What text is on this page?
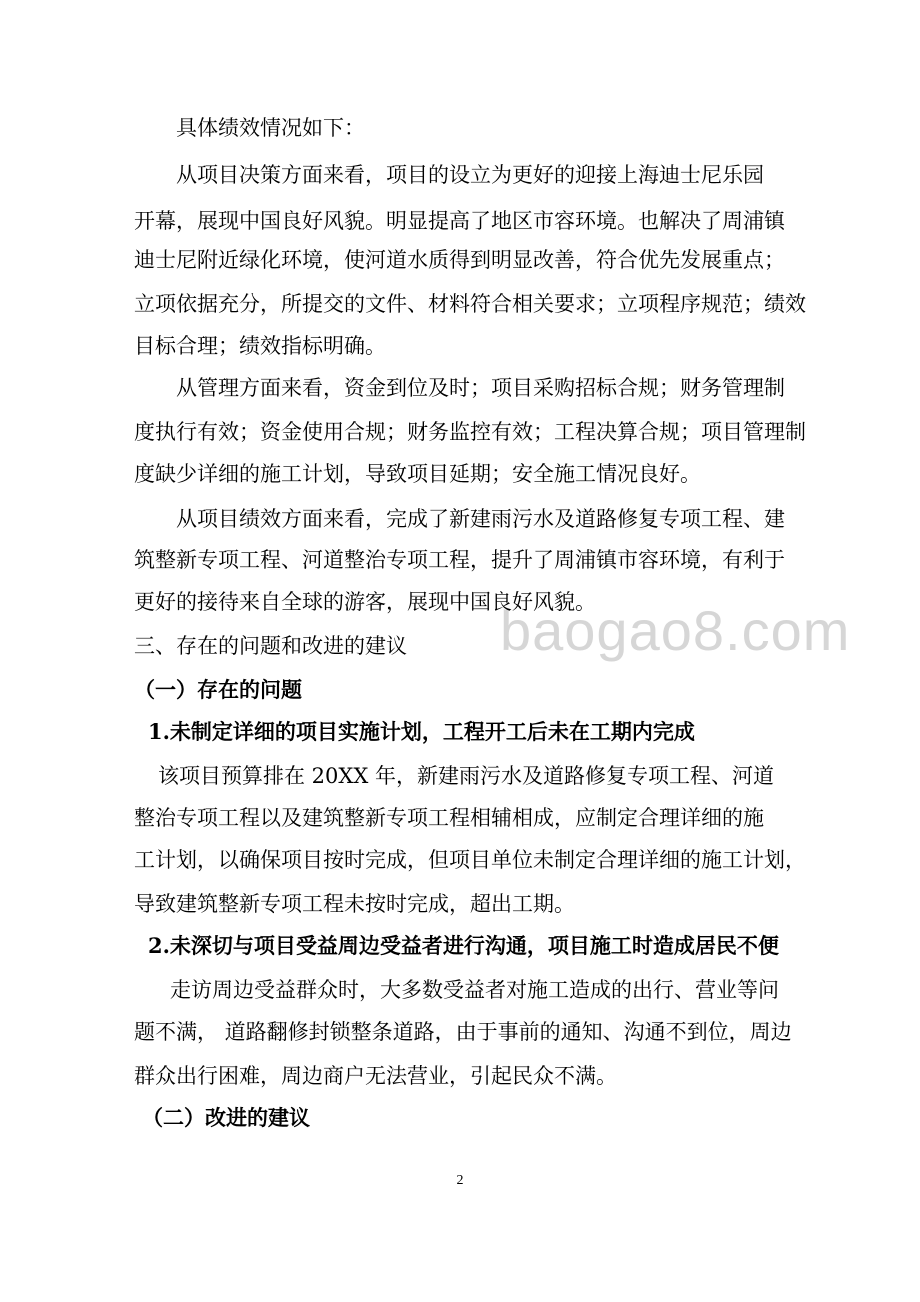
baogao8.com
具体绩效情况如下：
从项目决策方面来看，项目的设立为更好的迎接上海迪士尼乐园
开幕，展现中国良好风貌。明显提高了地区市容环境。也解决了周浦镇
迪士尼附近绿化环境，使河道水质得到明显改善，符合优先发展重点；
立项依据充分，所提交的文件、材料符合相关要求；立项程序规范；绩效
目标合理；绩效指标明确。
从管理方面来看，资金到位及时；项目采购招标合规；财务管理制
度执行有效；资金使用合规；财务监控有效；工程决算合规；项目管理制
度缺少详细的施工计划，导致项目延期；安全施工情况良好。
从项目绩效方面来看，完成了新建雨污水及道路修复专项工程、建
筑整新专项工程、河道整治专项工程，提升了周浦镇市容环境，有利于
更好的接待来自全球的游客，展现中国良好风貌。
三、存在的问题和改进的建议
（一）存在的问题
1.未制定详细的项目实施计划，工程开工后未在工期内完成
该项目预算排在 20XX 年，新建雨污水及道路修复专项工程、河道
整治专项工程以及建筑整新专项工程相辅相成，应制定合理详细的施
工计划，以确保项目按时完成，但项目单位未制定合理详细的施工计划，
导致建筑整新专项工程未按时完成，超出工期。
2.未深切与项目受益周边受益者进行沟通，项目施工时造成居民不便
走访周边受益群众时，大多数受益者对施工造成的出行、营业等问
题不满， 道路翻修封锁整条道路，由于事前的通知、沟通不到位，周边
群众出行困难，周边商户无法营业，引起民众不满。
（二）改进的建议
2
